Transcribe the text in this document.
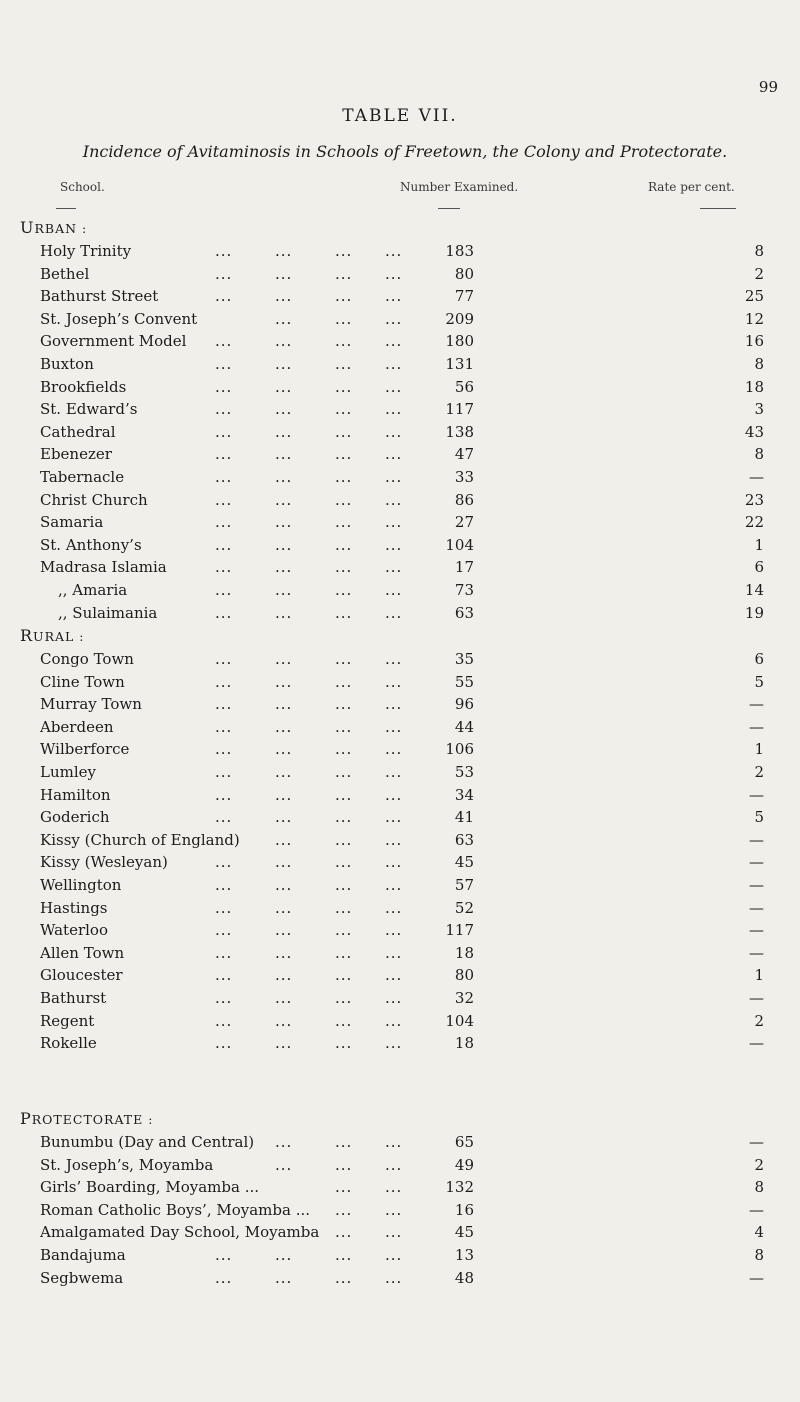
99
TABLE VII.
Incidence of Avitaminosis in Schools of Freetown, the Colony and Protectorate.
School.	Number Examined.	Rate per cent.
URBAN :
Holy Trinity	...	...	... ...	183	8
Bethel	...	...	... ...	80	2
Bathurst Street	...	...	... ...	77	25
St. Joseph’s Convent	...	... ...	209	12
Government Model ...	...	... ...	180	16
Buxton	...	...	... ...	131	8
Brookfields	...	...	... ...	56	18
St. Edward’s	...	...	... ...	117	3
Cathedral	...	...	... ...	138	43
Ebenezer	...	...	... ...	47	8
Tabernacle	...	...	... ...	33	—
Christ Church	...	...	... ...	86	23
Samaria	...	...	... ...	27	22
St. Anthony’s	...	...	... ...	104	1
Madrasa Islamia	...	...	... ...	17	6
,, Amaria	...	...	... ...	73	14
,, Sulaimania	...	...	... ...	63	19
RURAL :
Congo Town	...	...	... ...	35	6
Cline Town	...	...	... ...	55	5
Murray Town	...	...	... ...	96	—
Aberdeen	...	...	... ...	44	—
Wilberforce	...	...	... ...	106	1
Lumley	...	...	... ...	53	2
Hamilton	...	...	... ...	34	—
Goderich	...	...	... ...	41	5
Kissy (Church of England) ...	... ...	63	—
Kissy (Wesleyan)	...	...	... ...	45	—
Wellington	...	...	... ...	57	—
Hastings	...	...	... ...	52	—
Waterloo	...	...	... ...	117	—
Allen Town	...	...	... ...	18	—
Gloucester	...	...	... ...	80	1
Bathurst	...	...	... ...	32	—
Regent	...	...	... ...	104	2
Rokelle	...	...	... ...	18	—
PROTECTORATE :
Bunumbu (Day and Central) ...	... ...	65	—
St. Joseph’s, Moyamba	...	... ...	49	2
Girls’ Boarding, Moyamba ...	... ...	132	8
Roman Catholic Boys’, Moyamba ... ... ...	16	—
Amalgamated Day School, Moyamba ... ...	45	4
Bandajuma	...	...	... ...	13	8
Segbwema	...	...	... ...	48	—
